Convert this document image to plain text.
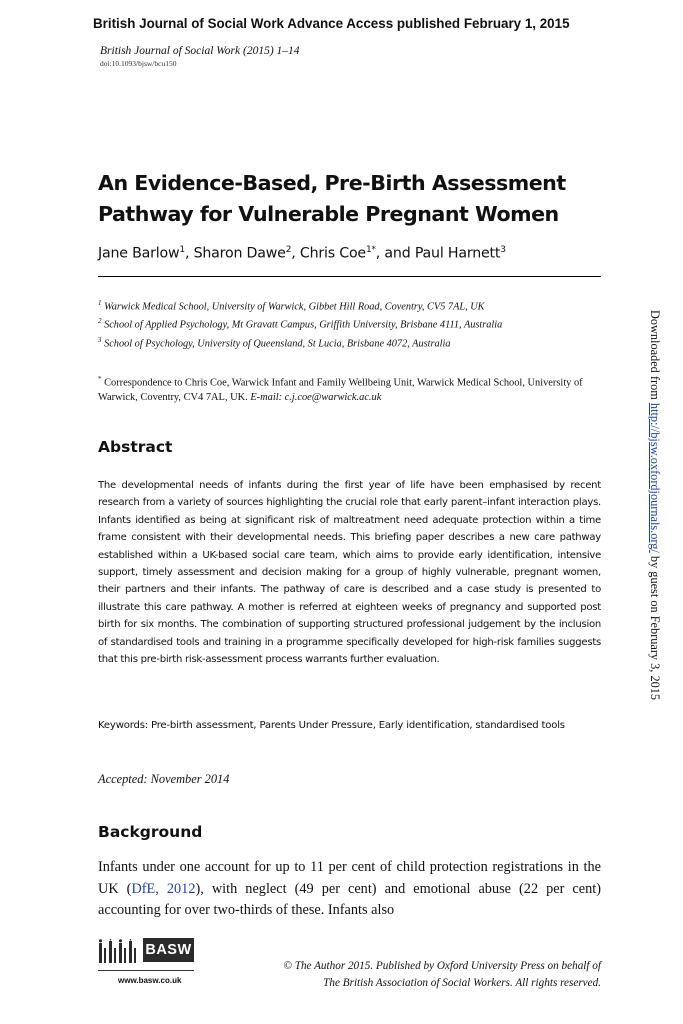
British Journal of Social Work Advance Access published February 1, 2015
British Journal of Social Work (2015) 1–14
doi:10.1093/bjsw/bcu150
An Evidence-Based, Pre-Birth Assessment
Pathway for Vulnerable Pregnant Women
Jane Barlow$^1$, Sharon Dawe$^2$, Chris Coe$^{1*}$, and Paul Harnett$^3$

$^1$ Warwick Medical School, University of Warwick, Gibbet Hill Road, Coventry, CV5 7AL, UK

$^2$ School of Applied Psychology, Mt Gravatt Campus, Griffith University, Brisbane 4111, Australia

$^3$ School of Psychology, University of Queensland, St Lucia, Brisbane 4072, Australia

* Correspondence to Chris Coe, Warwick Infant and Family Wellbeing Unit, Warwick Medical School, University of Warwick, Coventry, CV4 7AL, UK. E-mail: c.j.coe@warwick.ac.uk
Abstract

The developmental needs of infants during the first year of life have been emphasised by recent research from a variety of sources highlighting the crucial role that early parent–infant interaction plays. Infants identified as being at significant risk of maltreatment need adequate protection within a time frame consistent with their developmental needs. This briefing paper describes a new care pathway established within a UK-based social care team, which aims to provide early identification, intensive support, timely assessment and decision making for a group of highly vulnerable, pregnant women, their partners and their infants. The pathway of care is described and a case study is presented to illustrate this care pathway. A mother is referred at eighteen weeks of pregnancy and supported post birth for six months. The combination of supporting structured professional judgement by the inclusion of standardised tools and training in a programme specifically developed for high-risk families suggests that this pre-birth risk-assessment process warrants further evaluation.

Keywords: Pre-birth assessment, Parents Under Pressure, Early identification, standardised tools
Accepted: November 2014
Background

Infants under one account for up to 11 per cent of child protection registrations in the UK (DfE, 2012), with neglect (49 per cent) and emotional abuse (22 per cent) accounting for over two-thirds of these. Infants also

BASW
www.basw.co.uk
© The Author 2015. Published by Oxford University Press on behalf of
The British Association of Social Workers. All rights reserved.
Downloaded from http://bjsw.oxfordjournals.org/ by guest on February 3, 2015
